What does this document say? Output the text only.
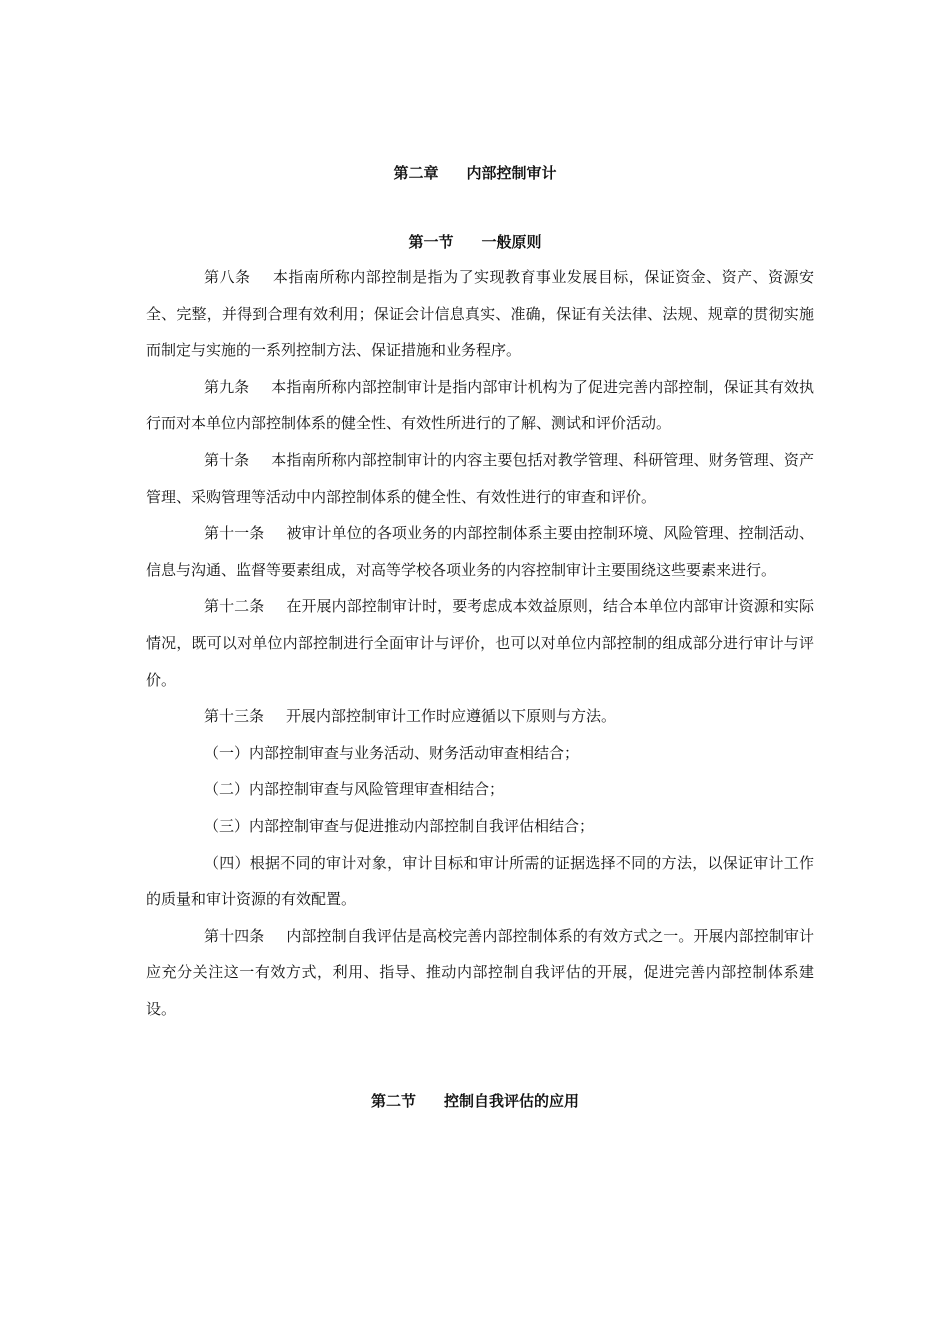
第二章 内部控制审计
第一节 一般原则

第八条 本指南所称内部控制是指为了实现教育事业发展目标，保证资金、资产、资源安全、完整，并得到合理有效利用；保证会计信息真实、准确，保证有关法律、法规、规章的贯彻实施而制定与实施的一系列控制方法、保证措施和业务程序。

第九条 本指南所称内部控制审计是指内部审计机构为了促进完善内部控制，保证其有效执行而对本单位内部控制体系的健全性、有效性所进行的了解、测试和评价活动。

第十条 本指南所称内部控制审计的内容主要包括对教学管理、科研管理、财务管理、资产管理、采购管理等活动中内部控制体系的健全性、有效性进行的审查和评价。

第十一条 被审计单位的各项业务的内部控制体系主要由控制环境、风险管理、控制活动、信息与沟通、监督等要素组成，对高等学校各项业务的内容控制审计主要围绕这些要素来进行。

第十二条 在开展内部控制审计时，要考虑成本效益原则，结合本单位内部审计资源和实际情况，既可以对单位内部控制进行全面审计与评价，也可以对单位内部控制的组成部分进行审计与评价。

第十三条 开展内部控制审计工作时应遵循以下原则与方法。

（一）内部控制审查与业务活动、财务活动审查相结合；

（二）内部控制审查与风险管理审查相结合；

（三）内部控制审查与促进推动内部控制自我评估相结合；

（四）根据不同的审计对象，审计目标和审计所需的证据选择不同的方法，以保证审计工作的质量和审计资源的有效配置。

第十四条 内部控制自我评估是高校完善内部控制体系的有效方式之一。开展内部控制审计应充分关注这一有效方式，利用、指导、推动内部控制自我评估的开展，促进完善内部控制体系建设。

第二节 控制自我评估的应用
